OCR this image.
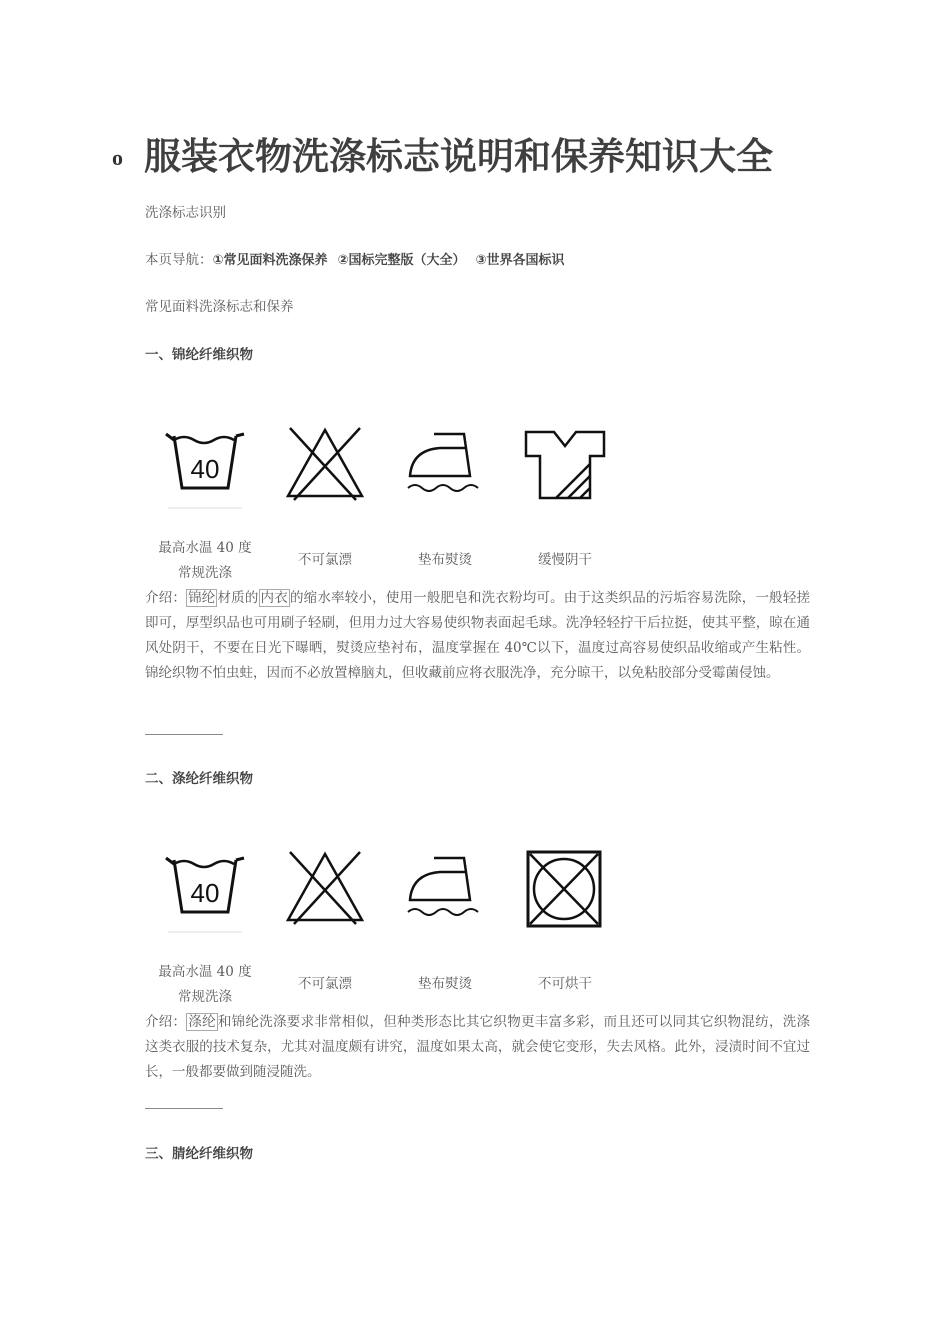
o 服装衣物洗涤标志说明和保养知识大全
洗涤标志识别
本页导航：①常见面料洗涤保养 ②国标完整版（大全） ③世界各国标识
常见面料洗涤标志和保养
一、锦纶纤维织物
40
最高水温 40 度
常规洗涤
不可氯漂	垫布熨烫	缓慢阴干
介绍： 锦纶 材质的 内衣 的缩水率较小，使用一般肥皂和洗衣粉均可。由于这类织品的污垢容易洗除，一般轻搓即可，厚型织品也可用刷子轻刷，但用力过大容易使织物表面起毛球。洗净轻轻拧干后拉挺，使其平整，晾在通风处阴干，不要在日光下曝晒，熨烫应垫衬布，温度掌握在 40℃以下，温度过高容易使织品收缩或产生粘性。锦纶织物不怕虫蛀，因而不必放置樟脑丸，但收藏前应将衣服洗净，充分晾干，以免粘胶部分受霉菌侵蚀。
二、涤纶纤维织物
40
最高水温 40 度
常规洗涤
不可氯漂	垫布熨烫	不可烘干
介绍： 涤纶 和锦纶洗涤要求非常相似，但种类形态比其它织物更丰富多彩，而且还可以同其它织物混纺，洗涤这类衣服的技术复杂，尤其对温度颇有讲究，温度如果太高，就会使它变形，失去风格。此外，浸渍时间不宜过长，一般都要做到随浸随洗。
三、腈纶纤维织物
